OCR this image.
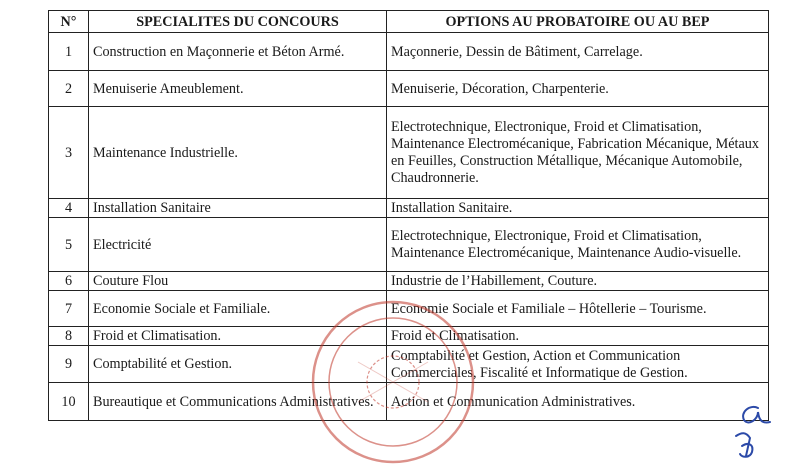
N°	SPECIALITES DU CONCOURS	OPTIONS AU PROBATOIRE OU AU BEP
1	Construction en Maçonnerie et Béton Armé.	Maçonnerie, Dessin de Bâtiment, Carrelage.
2	Menuiserie Ameublement.	Menuiserie, Décoration, Charpenterie.
3	Maintenance Industrielle.	Electrotechnique, Electronique, Froid et Climatisation, Maintenance Electromécanique, Fabrication Mécanique, Métaux en Feuilles, Construction Métallique, Mécanique Automobile, Chaudronnerie.
4	Installation Sanitaire	Installation Sanitaire.
5	Electricité	Electrotechnique, Electronique, Froid et Climatisation, Maintenance Electromécanique, Maintenance Audio-visuelle.
6	Couture Flou	Industrie de l’Habillement, Couture.
7	Economie Sociale et Familiale.	Economie Sociale et Familiale – Hôtellerie – Tourisme.
8	Froid et Climatisation.	Froid et Climatisation.
9	Comptabilité et Gestion.	Comptabilité et Gestion, Action et Communication Commerciales, Fiscalité et Informatique de Gestion.
10	Bureautique et Communications Administratives.	Action et Communication Administratives.
